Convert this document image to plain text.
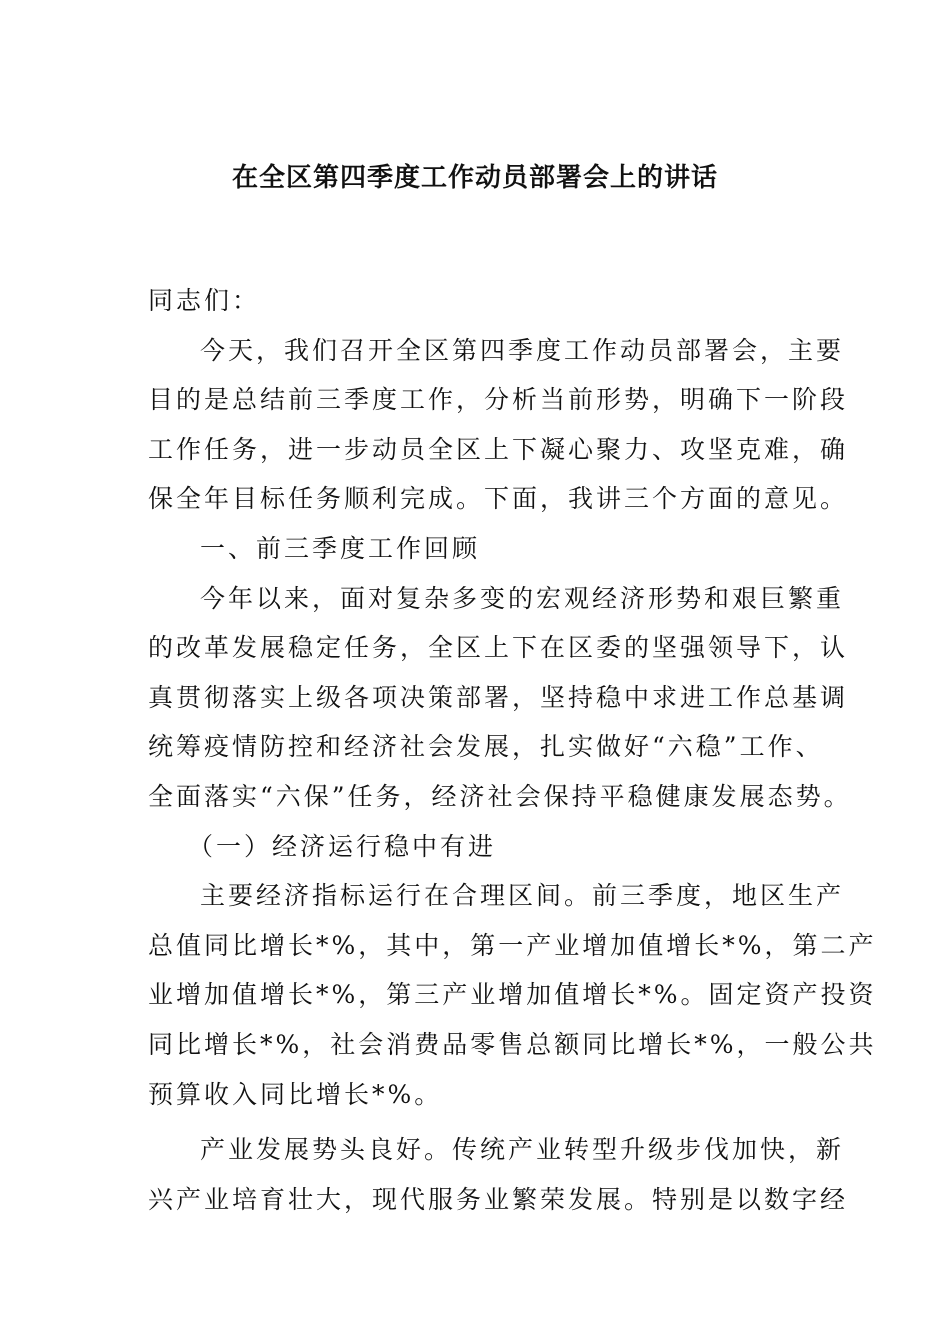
在全区第四季度工作动员部署会上的讲话
同志们：
今天，我们召开全区第四季度工作动员部署会，主要
目的是总结前三季度工作，分析当前形势，明确下一阶段
工作任务，进一步动员全区上下凝心聚力、攻坚克难，确
保全年目标任务顺利完成。下面，我讲三个方面的意见。
一、前三季度工作回顾
今年以来，面对复杂多变的宏观经济形势和艰巨繁重
的改革发展稳定任务，全区上下在区委的坚强领导下，认
真贯彻落实上级各项决策部署，坚持稳中求进工作总基调
统筹疫情防控和经济社会发展，扎实做好“六稳”工作、
全面落实“六保”任务，经济社会保持平稳健康发展态势。
（一）经济运行稳中有进
主要经济指标运行在合理区间。前三季度，地区生产
总值同比增长*%，其中，第一产业增加值增长*%，第二产
业增加值增长*%，第三产业增加值增长*%。固定资产投资
同比增长*%，社会消费品零售总额同比增长*%，一般公共
预算收入同比增长*%。
产业发展势头良好。传统产业转型升级步伐加快，新
兴产业培育壮大，现代服务业繁荣发展。特别是以数字经
